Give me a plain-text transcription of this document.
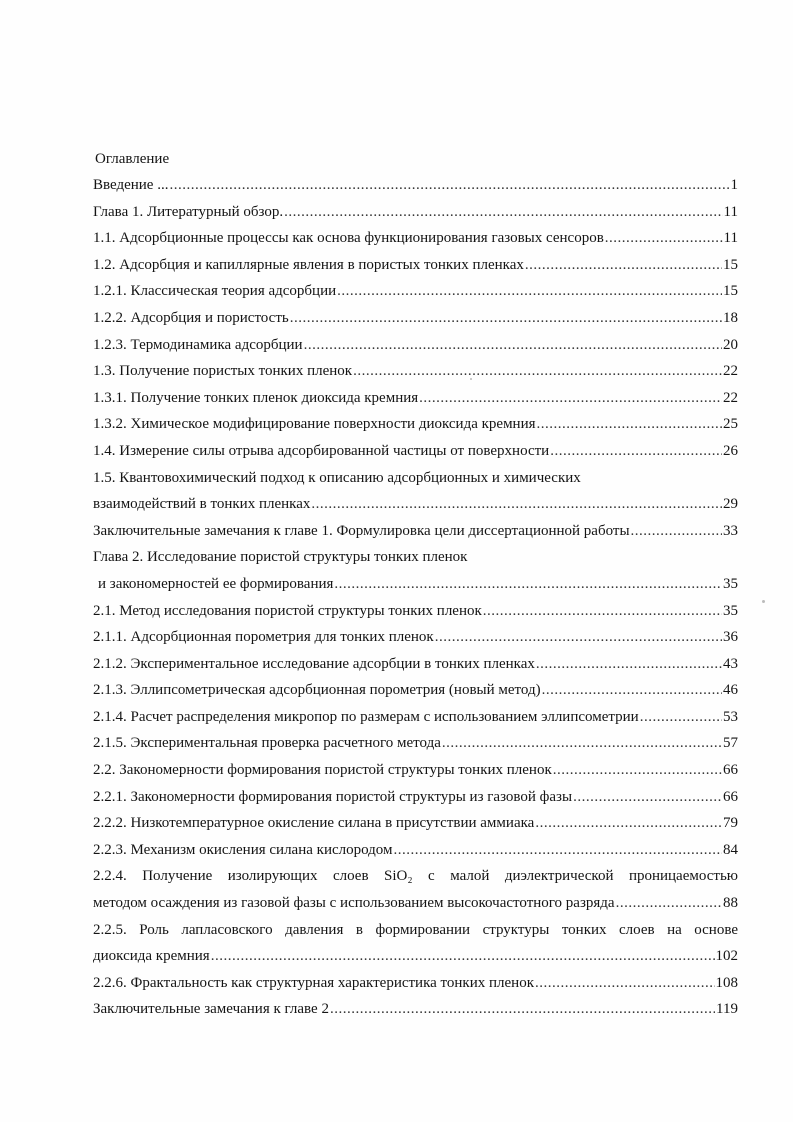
Оглавление
Введение ... .....	1
Глава 1. Литературный обзор. .....	11
1.1. Адсорбционные процессы как основа функционирования газовых сенсоров .....	11
1.2. Адсорбция и капиллярные явления в пористых тонких пленках .....	15
1.2.1. Классическая теория адсорбции .....	15
1.2.2. Адсорбция и пористость .....	18
1.2.3. Термодинамика адсорбции .....	20
1.3. Получение пористых тонких пленок .....	22
1.3.1. Получение тонких пленок диоксида кремния .....	22
1.3.2. Химическое модифицирование поверхности диоксида кремния .....	25
1.4. Измерение силы отрыва адсорбированной частицы от поверхности .....	26
1.5. Квантовохимический подход к описанию адсорбционных и химических
взаимодействий в тонких пленках .....	29
Заключительные замечания к главе 1. Формулировка цели диссертационной работы .....	33
Глава 2. Исследование пористой структуры тонких пленок
и закономерностей ее формирования .....	35
2.1. Метод исследования пористой структуры тонких пленок .....	35
2.1.1. Адсорбционная порометрия для тонких пленок .....	36
2.1.2. Экспериментальное исследование адсорбции в тонких пленках .....	43
2.1.3. Эллипсометрическая адсорбционная порометрия (новый метод) .....	46
2.1.4. Расчет распределения микропор по размерам с использованием эллипсометрии .....	53
2.1.5. Экспериментальная проверка расчетного метода .....	57
2.2. Закономерности формирования пористой структуры тонких пленок .....	66
2.2.1. Закономерности формирования пористой структуры из газовой фазы .....	66
2.2.2. Низкотемпературное окисление силана в присутствии аммиака .....	79
2.2.3. Механизм окисления силана кислородом .....	84
2.2.4. Получение изолирующих слоев SiO₂ с малой диэлектрической проницаемостью
методом осаждения из газовой фазы с использованием высокочастотного разряда .....	88
2.2.5. Роль лапласовского давления в формировании структуры тонких слоев на основе
диоксида кремния .....	102
2.2.6. Фрактальность как структурная характеристика тонких пленок .....	108
Заключительные замечания к главе 2 .....	119
